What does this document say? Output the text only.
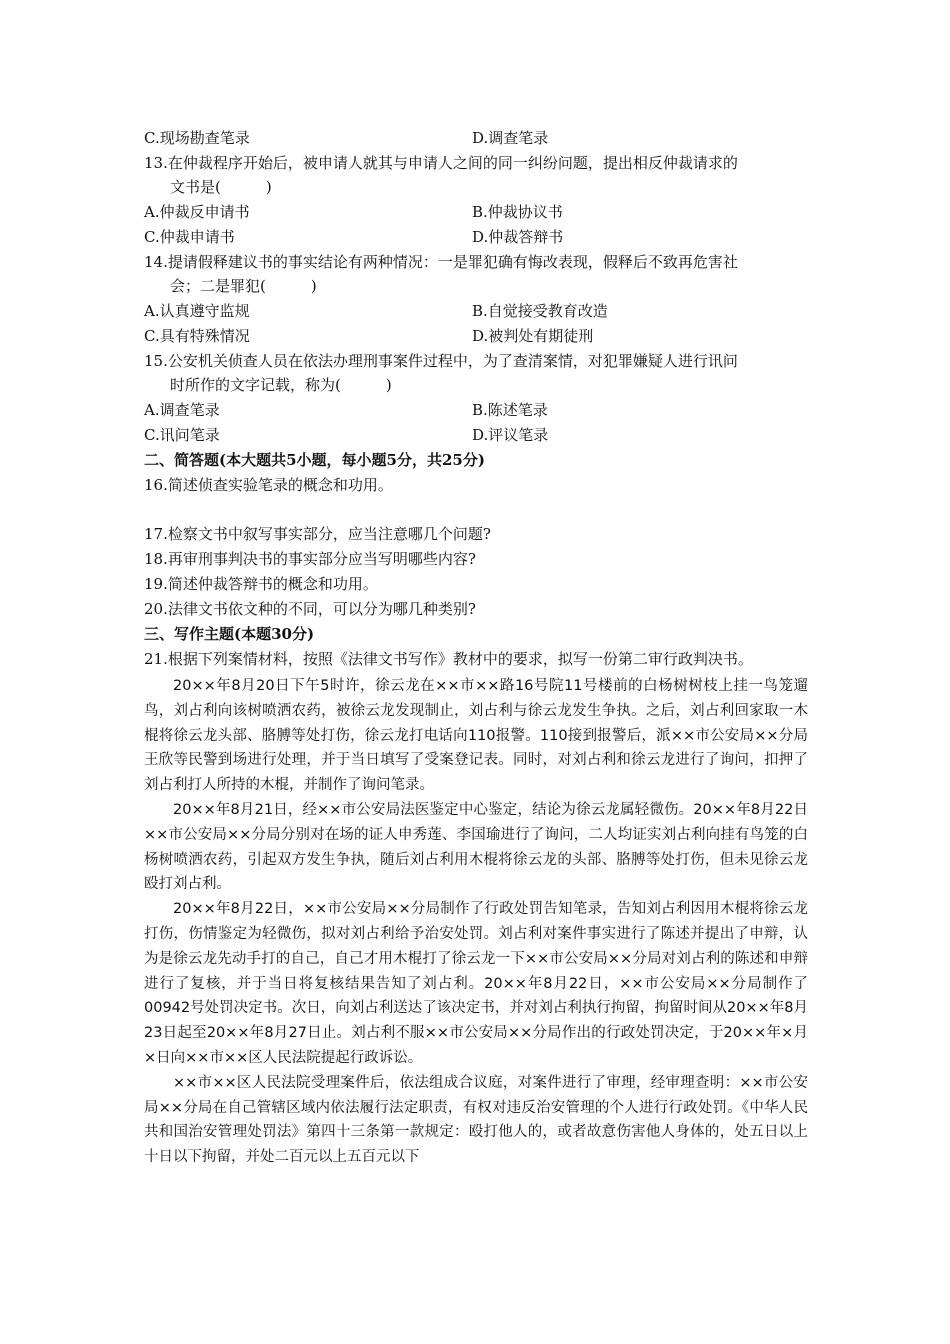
C.现场勘查笔录	D.调查笔录
13.在仲裁程序开始后，被申请人就其与申请人之间的同一纠纷问题，提出相反仲裁请求的
文书是(　　　)
A.仲裁反申请书	B.仲裁协议书
C.仲裁申请书	D.仲裁答辩书
14.提请假释建议书的事实结论有两种情况：一是罪犯确有悔改表现，假释后不致再危害社
会；二是罪犯(　　　)
A.认真遵守监规	B.自觉接受教育改造
C.具有特殊情况	D.被判处有期徒刑
15.公安机关侦查人员在依法办理刑事案件过程中，为了查清案情，对犯罪嫌疑人进行讯问
时所作的文字记载，称为(　　　)
A.调查笔录	B.陈述笔录
C.讯问笔录	D.评议笔录
二、简答题(本大题共5小题，每小题5分，共25分)
16.简述侦查实验笔录的概念和功用。
17.检察文书中叙写事实部分，应当注意哪几个问题?
18.再审刑事判决书的事实部分应当写明哪些内容?
19.简述仲裁答辩书的概念和功用。
20.法律文书依文种的不同，可以分为哪几种类别?
三、写作主题(本题30分)
21.根据下列案情材料，按照《法律文书写作》教材中的要求，拟写一份第二审行政判决书。

20××年8月20日下午5时许，徐云龙在××市××路16号院11号楼前的白杨树树枝上挂一鸟笼遛鸟，刘占利向该树喷洒农药，被徐云龙发现制止，刘占利与徐云龙发生争执。之后，刘占利回家取一木棍将徐云龙头部、胳膊等处打伤，徐云龙打电话向110报警。110接到报警后，派××市公安局××分局王欣等民警到场进行处理，并于当日填写了受案登记表。同时，对刘占利和徐云龙进行了询问，扣押了刘占利打人所持的木棍，并制作了询问笔录。

20××年8月21日，经××市公安局法医鉴定中心鉴定，结论为徐云龙属轻微伤。20××年8月22日××市公安局××分局分别对在场的证人申秀莲、李国瑜进行了询问，二人均证实刘占利向挂有鸟笼的白杨树喷洒农药，引起双方发生争执，随后刘占利用木棍将徐云龙的头部、胳膊等处打伤，但未见徐云龙殴打刘占利。

20××年8月22日，××市公安局××分局制作了行政处罚告知笔录，告知刘占利因用木棍将徐云龙打伤，伤情鉴定为轻微伤，拟对刘占利给予治安处罚。刘占利对案件事实进行了陈述并提出了申辩，认为是徐云龙先动手打的自己，自己才用木棍打了徐云龙一下××市公安局××分局对刘占利的陈述和申辩进行了复核，并于当日将复核结果告知了刘占利。20××年8月22日，××市公安局××分局制作了00942号处罚决定书。次日，向刘占利送达了该决定书，并对刘占利执行拘留，拘留时间从20××年8月23日起至20××年8月27日止。刘占利不服××市公安局××分局作出的行政处罚决定，于20××年×月×日向××市××区人民法院提起行政诉讼。

××市××区人民法院受理案件后，依法组成合议庭，对案件进行了审理，经审理查明：××市公安局××分局在自己管辖区域内依法履行法定职责，有权对违反治安管理的个人进行行政处罚。《中华人民共和国治安管理处罚法》第四十三条第一款规定：殴打他人的，或者故意伤害他人身体的，处五日以上十日以下拘留，并处二百元以上五百元以下
